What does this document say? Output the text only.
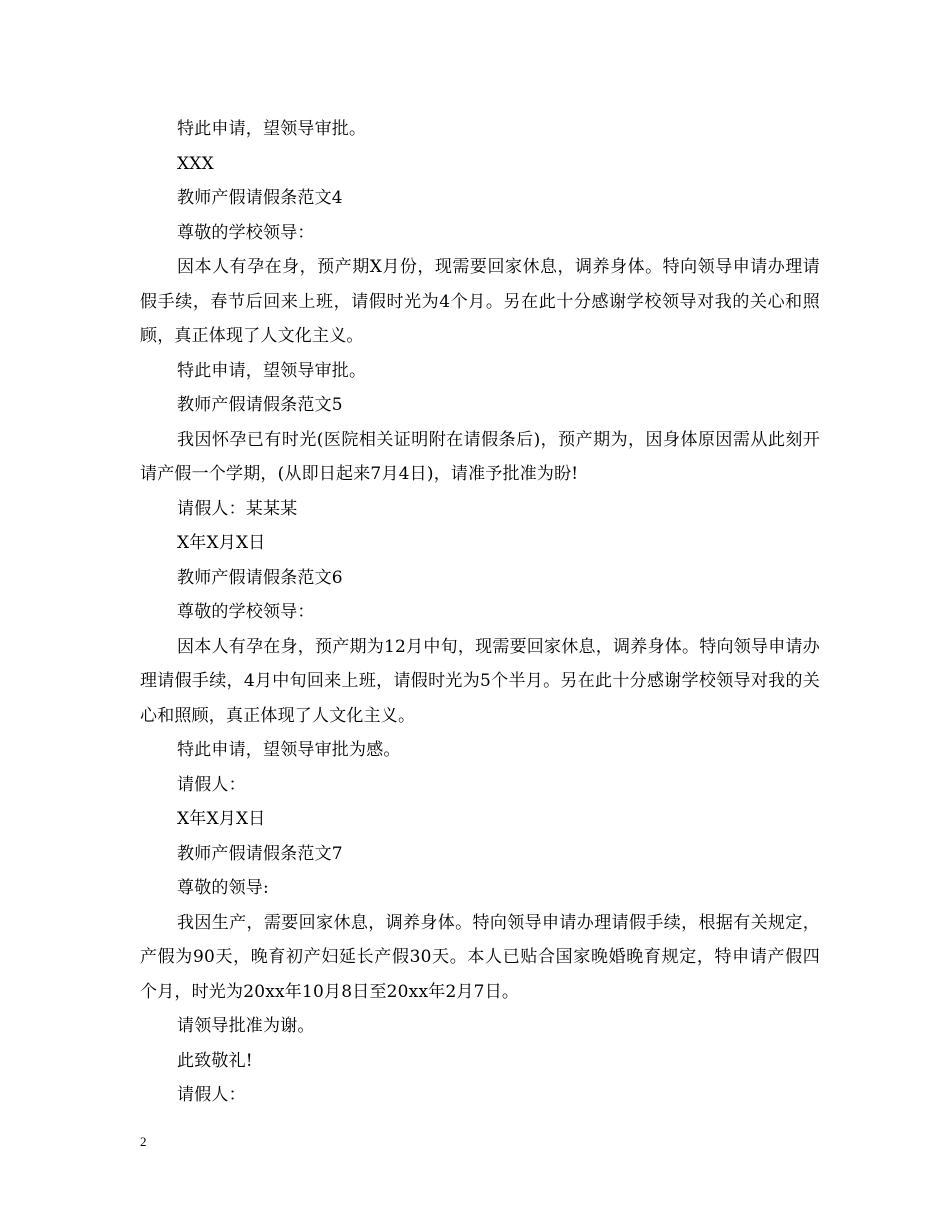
特此申请，望领导审批。
XXX
教师产假请假条范文4
尊敬的学校领导：

因本人有孕在身，预产期X月份，现需要回家休息，调养身体。特向领导申请办理请假手续，春节后回来上班，请假时光为4个月。另在此十分感谢学校领导对我的关心和照顾，真正体现了人文化主义。

特此申请，望领导审批。
教师产假请假条范文5

我因怀孕已有时光(医院相关证明附在请假条后)，预产期为，因身体原因需从此刻开请产假一个学期，(从即日起来7月4日)，请准予批准为盼!

请假人：某某某
X年X月X日
教师产假请假条范文6
尊敬的学校领导：

因本人有孕在身，预产期为12月中旬，现需要回家休息，调养身体。特向领导申请办理请假手续，4月中旬回来上班，请假时光为5个半月。另在此十分感谢学校领导对我的关心和照顾，真正体现了人文化主义。

特此申请，望领导审批为感。
请假人：
X年X月X日
教师产假请假条范文7
尊敬的领导:

我因生产，需要回家休息，调养身体。特向领导申请办理请假手续，根据有关规定，产假为90天，晚育初产妇延长产假30天。本人已贴合国家晚婚晚育规定，特申请产假四个月，时光为20xx年10月8日至20xx年2月7日。

请领导批准为谢。
此致敬礼!
请假人：
2
